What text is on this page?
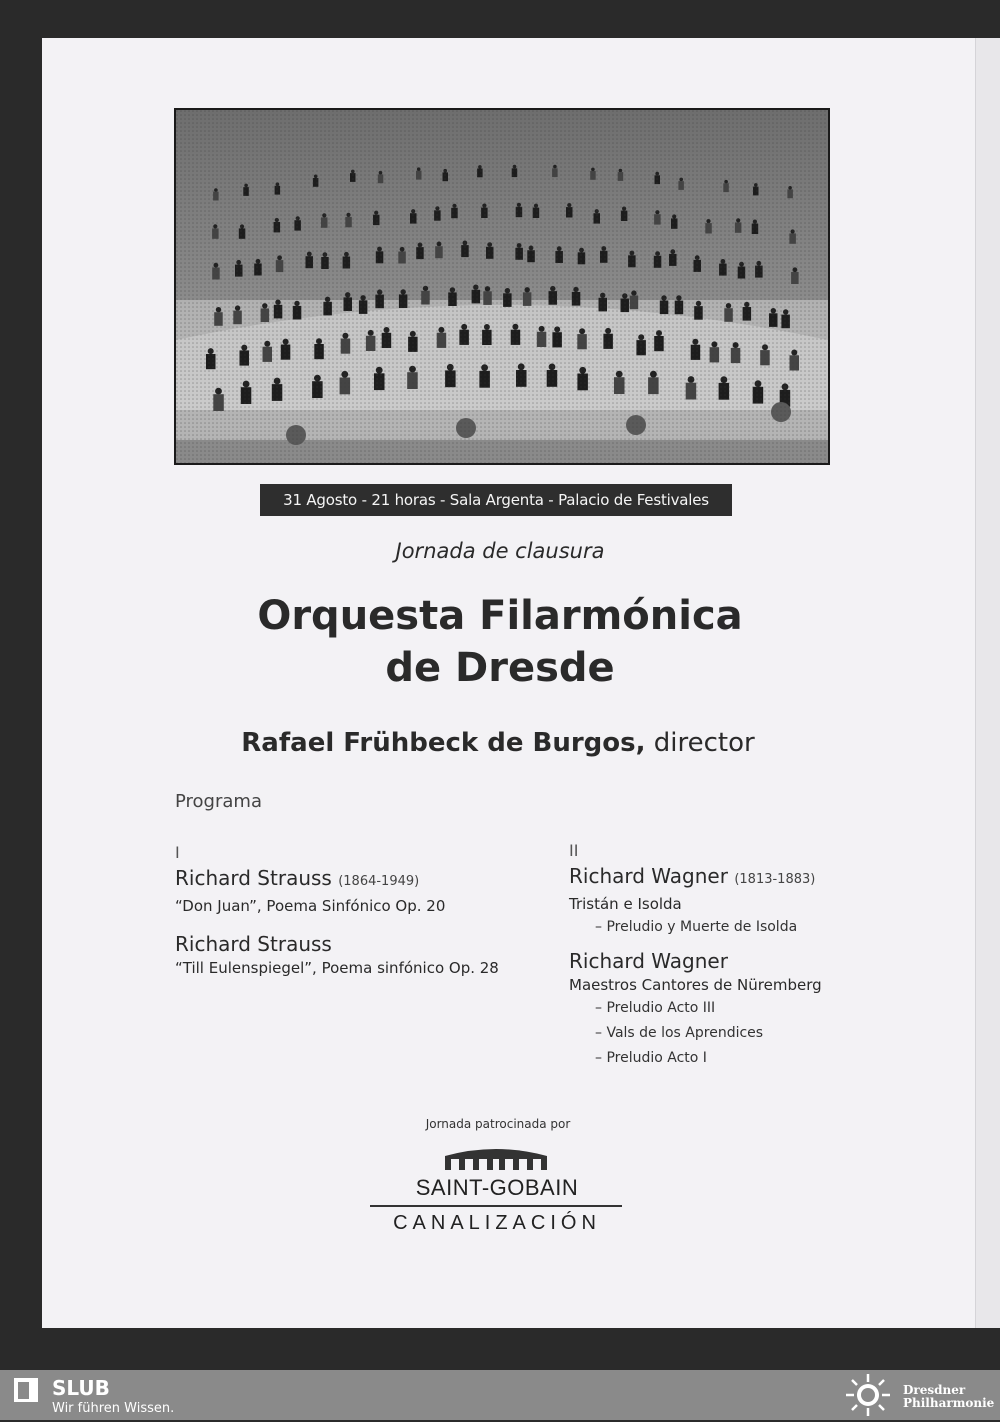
31 Agosto - 21 horas - Sala Argenta - Palacio de Festivales
Jornada de clausura
Orquesta Filarmónica
de Dresde
Rafael Frühbeck de Burgos, director
Programa
I
Richard Strauss (1864-1949)
“Don Juan”, Poema Sinfónico Op. 20
Richard Strauss
“Till Eulenspiegel”, Poema sinfónico Op. 28
II
Richard Wagner (1813-1883)
Tristán e Isolda
– Preludio y Muerte de Isolda
Richard Wagner
Maestros Cantores de Nüremberg
– Preludio Acto III
– Vals de los Aprendices
– Preludio Acto I
Jornada patrocinada por
SAINT-GOBAIN
CANALIZACIÓN
SLUB
Wir führen Wissen.
Dresdner
Philharmonie
